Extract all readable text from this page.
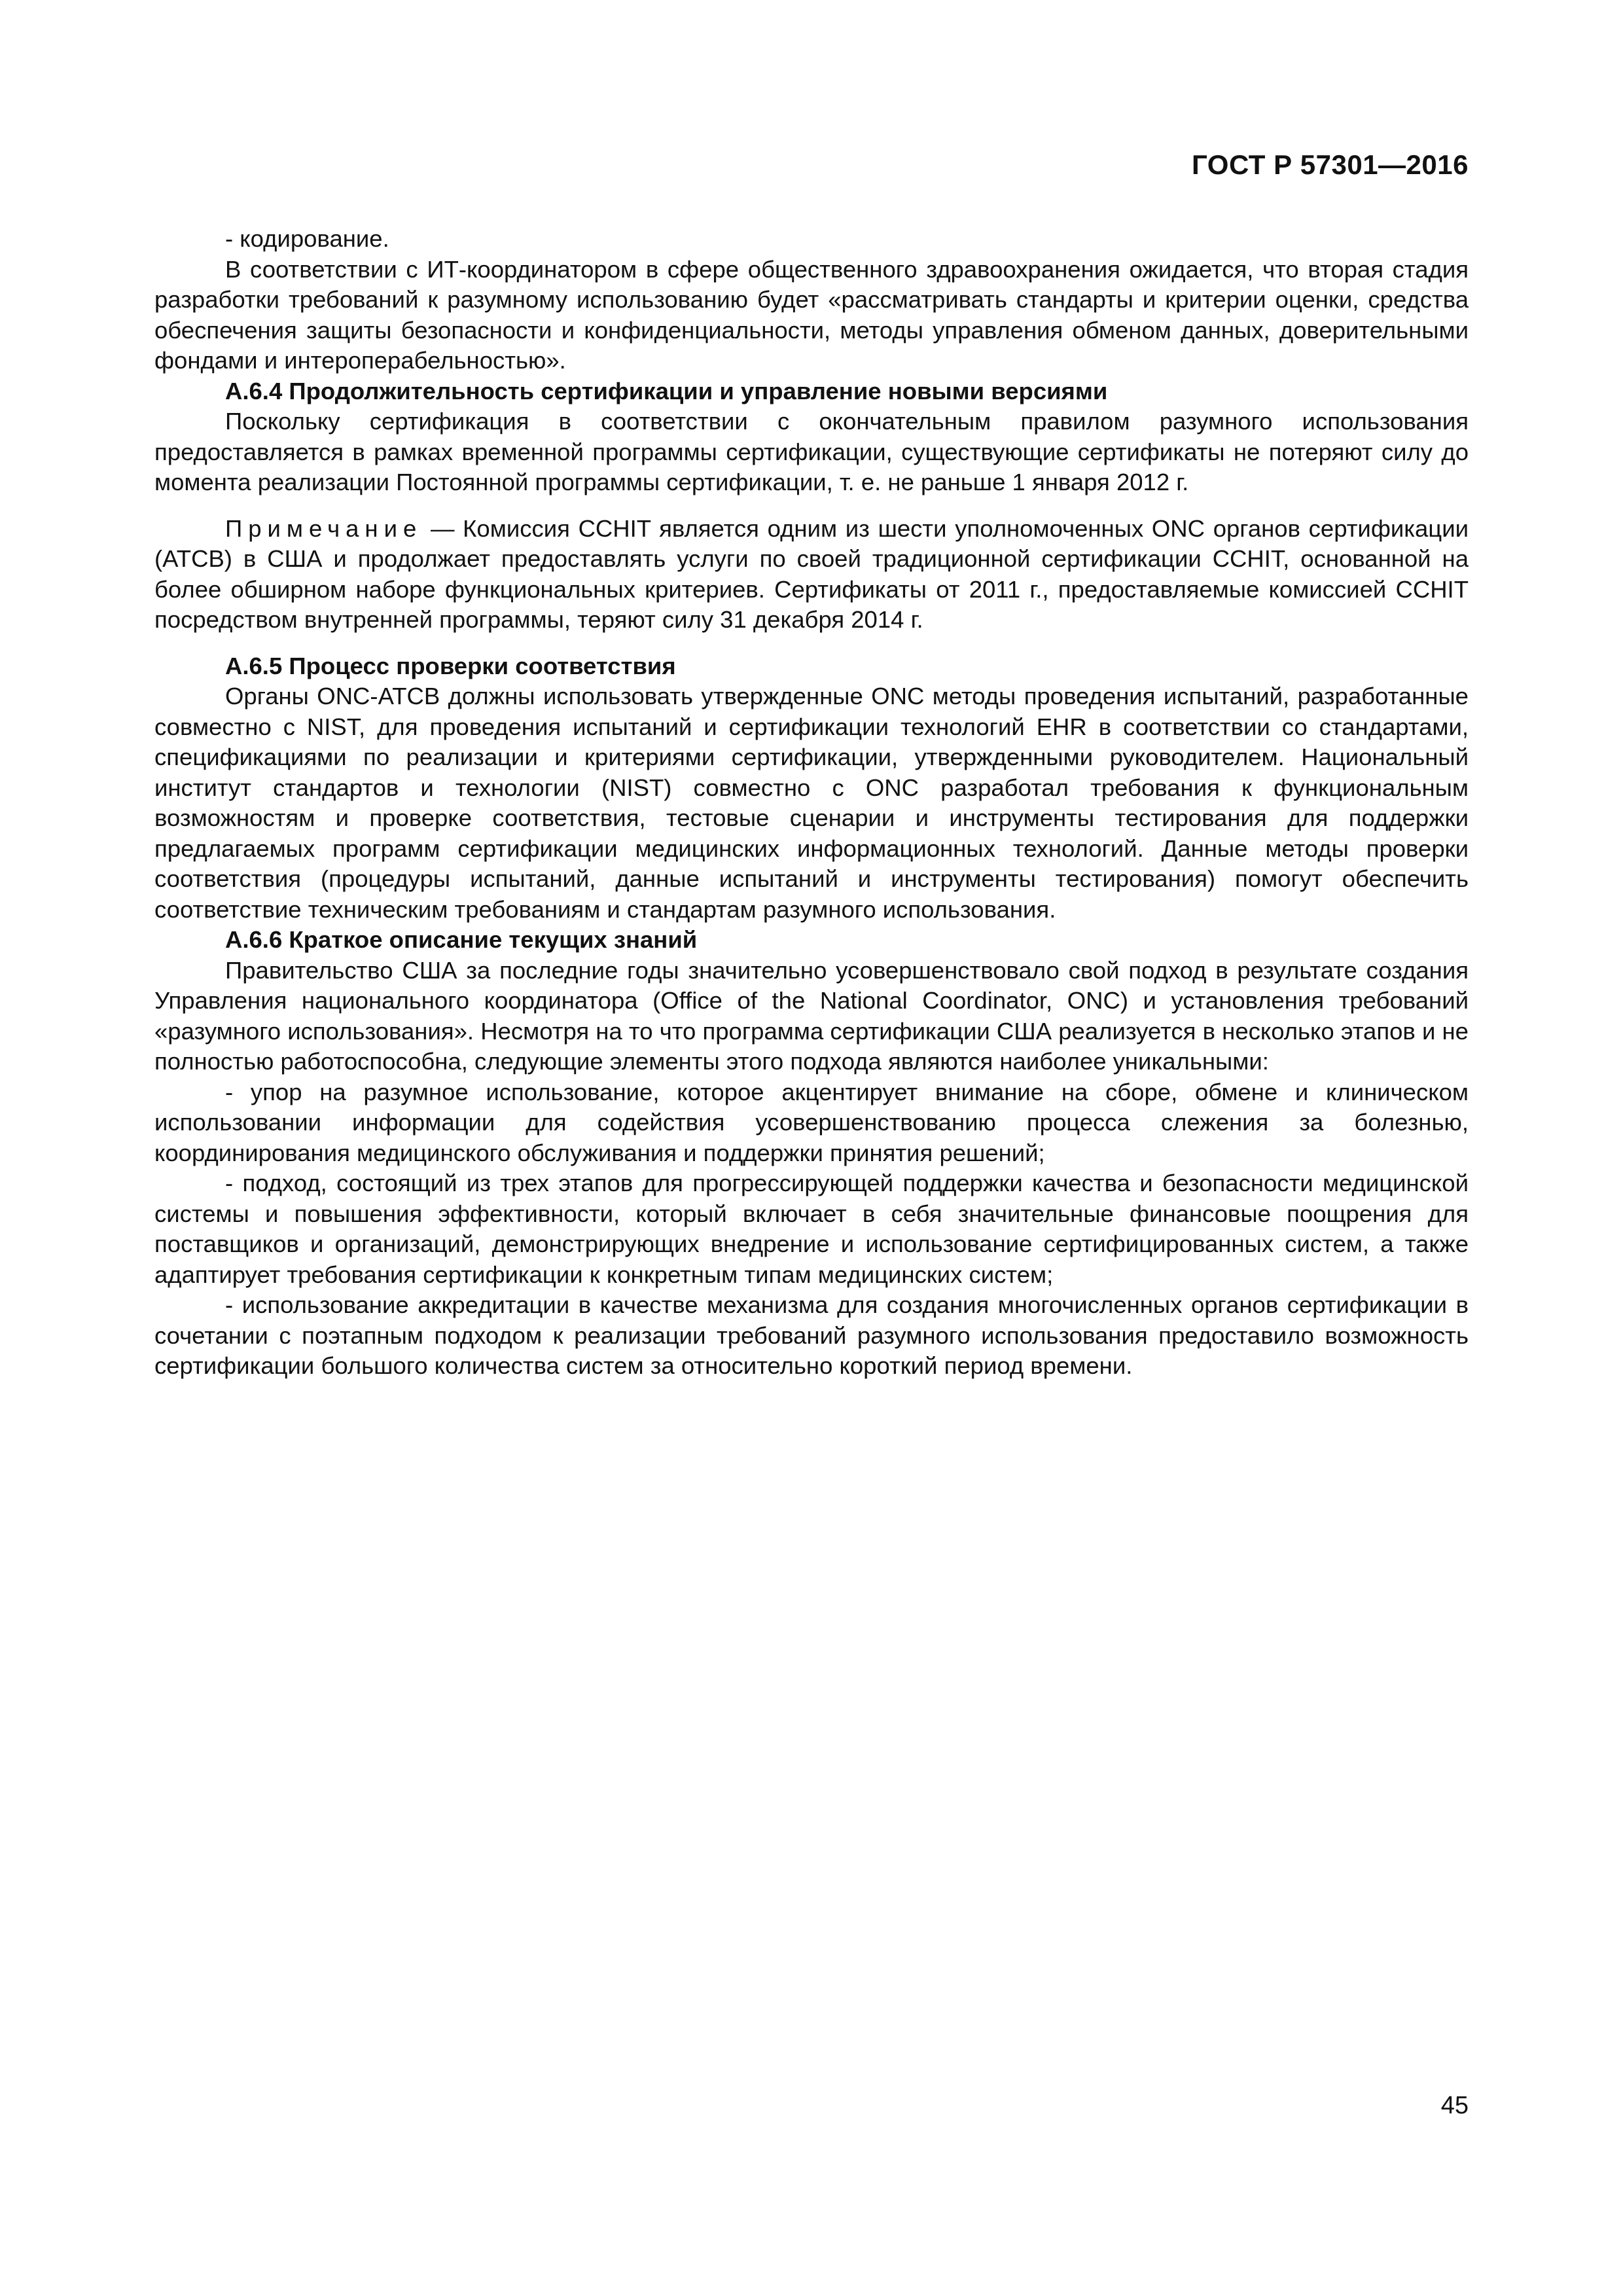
ГОСТ Р 57301—2016

- кодирование.

В соответствии с ИТ-координатором в сфере общественного здравоохранения ожидается, что вторая стадия разработки требований к разумному использованию будет «рассматривать стандарты и критерии оценки, средства обеспечения защиты безопасности и конфиденциальности, методы управления обменом данных, доверительными фондами и интероперабельностью».

А.6.4 Продолжительность сертификации и управление новыми версиями

Поскольку сертификация в соответствии с окончательным правилом разумного использования предоставляется в рамках временной программы сертификации, существующие сертификаты не потеряют силу до момента реализации Постоянной программы сертификации, т. е. не раньше 1 января 2012 г.

Примечание — Комиссия CCHIT является одним из шести уполномоченных ONC органов сертификации (ATCB) в США и продолжает предоставлять услуги по своей традиционной сертификации CCHIT, основанной на более обширном наборе функциональных критериев. Сертификаты от 2011 г., предоставляемые комиссией CCHIT посредством внутренней программы, теряют силу 31 декабря 2014 г.

А.6.5 Процесс проверки соответствия

Органы ONC-ATCB должны использовать утвержденные ONC методы проведения испытаний, разработанные совместно с NIST, для проведения испытаний и сертификации технологий EHR в соответствии со стандартами, спецификациями по реализации и критериями сертификации, утвержденными руководителем. Национальный институт стандартов и технологии (NIST) совместно с ONC разработал требования к функциональным возможностям и проверке соответствия, тестовые сценарии и инструменты тестирования для поддержки предлагаемых программ сертификации медицинских информационных технологий. Данные методы проверки соответствия (процедуры испытаний, данные испытаний и инструменты тестирования) помогут обеспечить соответствие техническим требованиям и стандартам разумного использования.

А.6.6 Краткое описание текущих знаний

Правительство США за последние годы значительно усовершенствовало свой подход в результате создания Управления национального координатора (Office of the National Coordinator, ONC) и установления требований «разумного использования». Несмотря на то что программа сертификации США реализуется в несколько этапов и не полностью работоспособна, следующие элементы этого подхода являются наиболее уникальными:

- упор на разумное использование, которое акцентирует внимание на сборе, обмене и клиническом использовании информации для содействия усовершенствованию процесса слежения за болезнью, координирования медицинского обслуживания и поддержки принятия решений;

- подход, состоящий из трех этапов для прогрессирующей поддержки качества и безопасности медицинской системы и повышения эффективности, который включает в себя значительные финансовые поощрения для поставщиков и организаций, демонстрирующих внедрение и использование сертифицированных систем, а также адаптирует требования сертификации к конкретным типам медицинских систем;

- использование аккредитации в качестве механизма для создания многочисленных органов сертификации в сочетании с поэтапным подходом к реализации требований разумного использования предоставило возможность сертификации большого количества систем за относительно короткий период времени.

45
